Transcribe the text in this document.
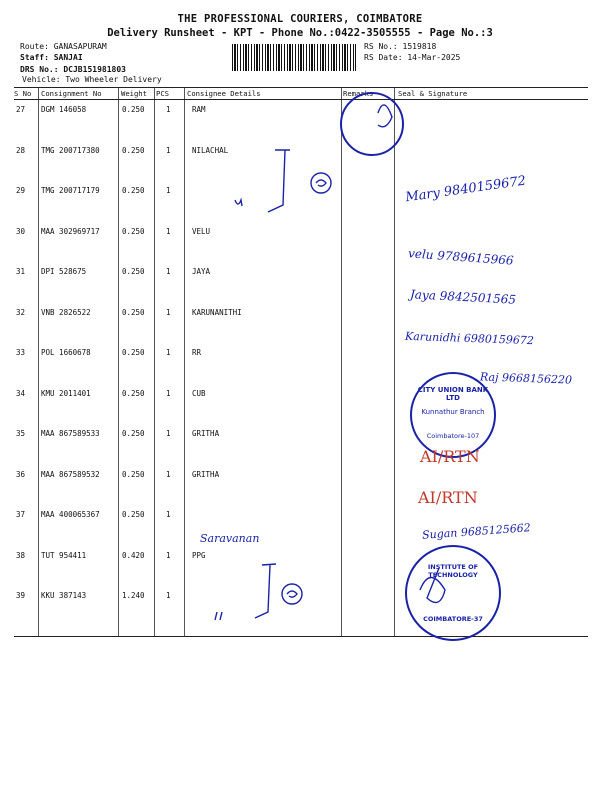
THE PROFESSIONAL COURIERS, COIMBATORE
Delivery Runsheet - KPT - Phone No.:0422-3505555 - Page No.:3
Route: GANASAPURAM
Staff: SANJAI
DRS No.: DCJB151981803
Vehicle: Two Wheeler Delivery
RS No.: 1519818
RS Date: 14-Mar-2025
S No Consignment No	Weight PCS	Consignee Details	Remarks	Seal & Signature
27 DGM 146058	0.250	1	RAM
28 TMG 200717380	0.250	1	NILACHAL
29 TMG 200717179	0.250	1
30 MAA 302969717	0.250	1	VELU
31 DPI 528675	0.250	1	JAYA
32 VNB 2826522	0.250	1	KARUNANITHI
33 POL 1660678	0.250	1	RR
34 KMU 2011401	0.250	1	CUB
35 MAA 867589533	0.250	1	GRITHA
36 MAA 867589532	0.250	1	GRITHA
37 MAA 400065367	0.250	1
38 TUT 954411	0.420	1	PPG
39 KKU 387143	1.240	1
CITY UNION BANK LTD
Kunnathur Branch
Coimbatore-107
INSTITUTE OF TECHNOLOGY
COIMBATORE-37
Mary 9840159672
velu 9789615966
Jaya 9842501565
Karunidhi 6980159672
Raj 9668156220
AI/RTN
AI/RTN
Saravanan	Sugan 9685125662
